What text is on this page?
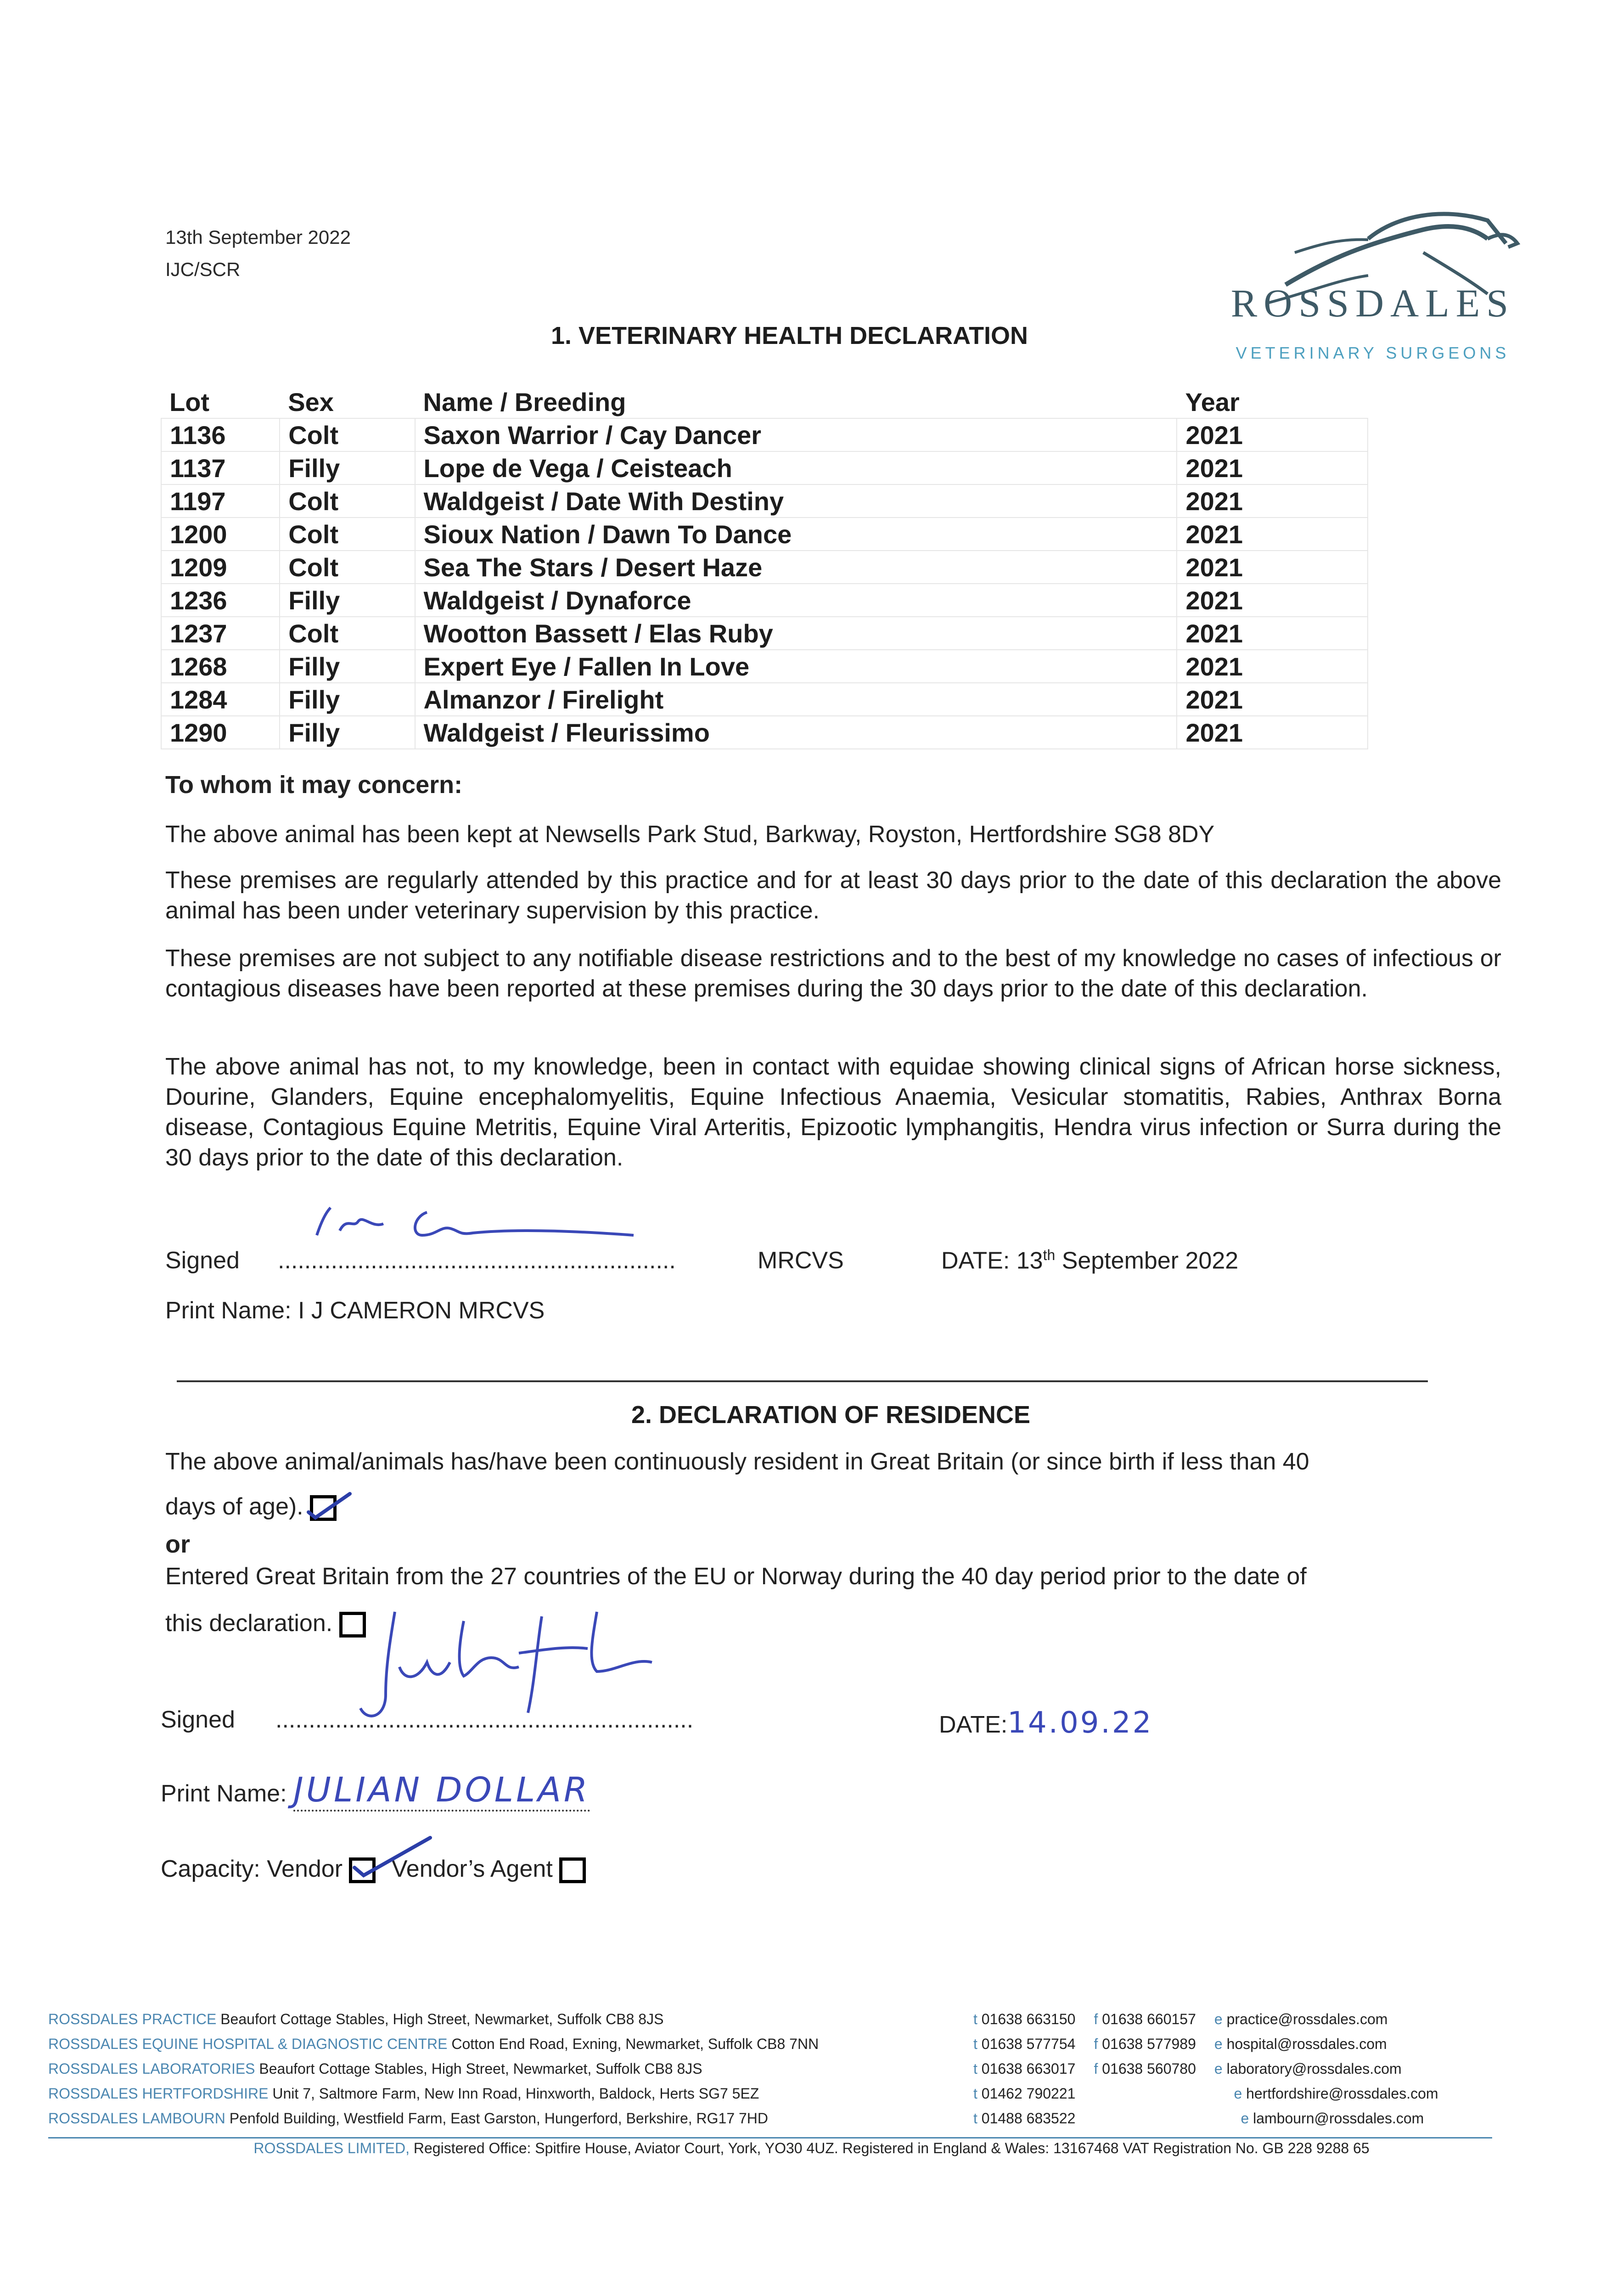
13th September 2022
IJC/SCR
ROSSDALES
VETERINARY SURGEONS
1. VETERINARY HEALTH DECLARATION
Lot	Sex	Name / Breeding	Year
1136	Colt	Saxon Warrior / Cay Dancer	2021
1137	Filly	Lope de Vega / Ceisteach	2021
1197	Colt	Waldgeist / Date With Destiny	2021
1200	Colt	Sioux Nation / Dawn To Dance	2021
1209	Colt	Sea The Stars / Desert Haze	2021
1236	Filly	Waldgeist / Dynaforce	2021
1237	Colt	Wootton Bassett / Elas Ruby	2021
1268	Filly	Expert Eye / Fallen In Love	2021
1284	Filly	Almanzor / Firelight	2021
1290	Filly	Waldgeist / Fleurissimo	2021
To whom it may concern:
The above animal has been kept at Newsells Park Stud, Barkway, Royston, Hertfordshire SG8 8DY
These premises are regularly attended by this practice and for at least 30 days prior to the date of this declaration the above animal has been under veterinary supervision by this practice.
These premises are not subject to any notifiable disease restrictions and to the best of my knowledge no cases of infectious or contagious diseases have been reported at these premises during the 30 days prior to the date of this declaration.
The above animal has not, to my knowledge, been in contact with equidae showing clinical signs of African horse sickness, Dourine, Glanders, Equine encephalomyelitis, Equine Infectious Anaemia, Vesicular stomatitis, Rabies, Anthrax Borna disease, Contagious Equine Metritis, Equine Viral Arteritis, Epizootic lymphangitis, Hendra virus infection or Surra during the 30 days prior to the date of this declaration.
Signed ............................................................	MRCVS	DATE: 13th September 2022
Print Name: I J CAMERON MRCVS
2. DECLARATION OF RESIDENCE
The above animal/animals has/have been continuously resident in Great Britain (or since birth if less than 40
days of age).
or
Entered Great Britain from the 27 countries of the EU or Norway during the 40 day period prior to the date of
this declaration.
Signed ...............................................................	DATE:14.09.22
Print Name: JULIAN DOLLAR
Capacity: Vendor Vendor’s Agent
ROSSDALES PRACTICE Beaufort Cottage Stables, High Street, Newmarket, Suffolk CB8 8JS
ROSSDALES EQUINE HOSPITAL & DIAGNOSTIC CENTRE Cotton End Road, Exning, Newmarket, Suffolk CB8 7NN
ROSSDALES LABORATORIES Beaufort Cottage Stables, High Street, Newmarket, Suffolk CB8 8JS
ROSSDALES HERTFORDSHIRE Unit 7, Saltmore Farm, New Inn Road, Hinxworth, Baldock, Herts SG7 5EZ
ROSSDALES LAMBOURN Penfold Building, Westfield Farm, East Garston, Hungerford, Berkshire, RG17 7HD
t 01638 663150 f 01638 660157 e practice@rossdales.com
t 01638 577754 f 01638 577989 e hospital@rossdales.com
t 01638 663017 f 01638 560780 e laboratory@rossdales.com
t 01462 790221	e hertfordshire@rossdales.com
t 01488 683522	e lambourn@rossdales.com
ROSSDALES LIMITED, Registered Office: Spitfire House, Aviator Court, York, YO30 4UZ. Registered in England & Wales: 13167468 VAT Registration No. GB 228 9288 65
